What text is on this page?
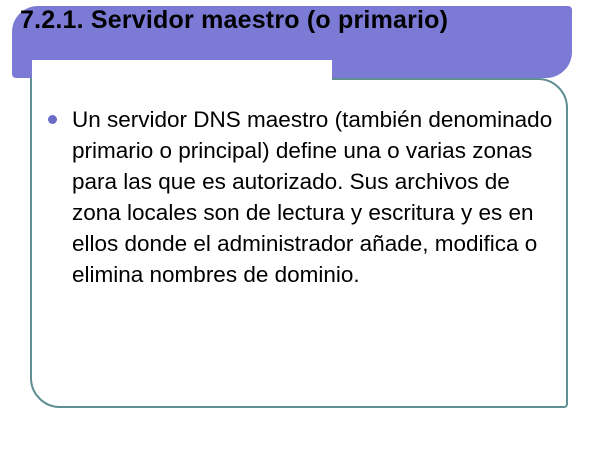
7.2.1. Servidor maestro (o primario)
Un servidor DNS maestro (también denominado primario o principal) define una o varias zonas para las que es autorizado. Sus archivos de zona locales son de lectura y escritura y es en ellos donde el administrador añade, modifica o elimina nombres de dominio.
